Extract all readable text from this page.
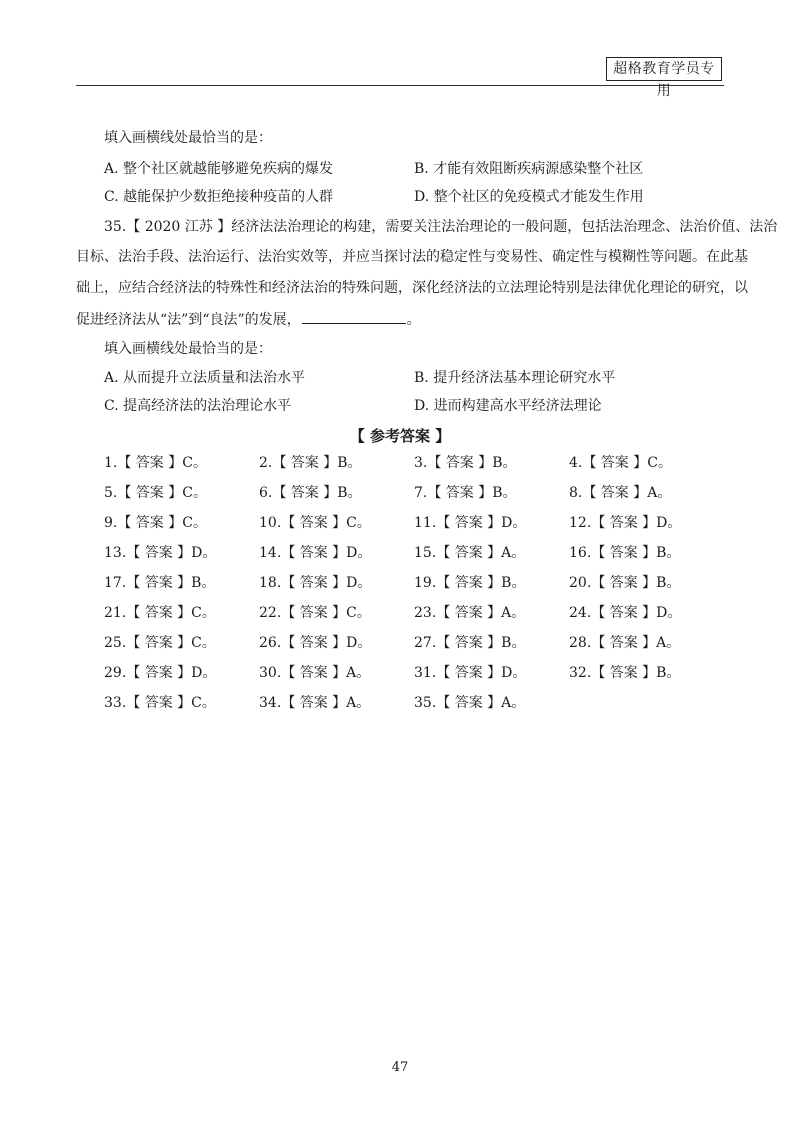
超格教育学员专用
填入画横线处最恰当的是：
A. 整个社区就越能够避免疾病的爆发	B. 才能有效阻断疾病源感染整个社区
C. 越能保护少数拒绝接种疫苗的人群	D. 整个社区的免疫模式才能发生作用
35.【 2020 江苏 】经济法法治理论的构建，需要关注法治理论的一般问题，包括法治理念、法治价值、法治
目标、法治手段、法治运行、法治实效等，并应当探讨法的稳定性与变易性、确定性与模糊性等问题。在此基
础上，应结合经济法的特殊性和经济法治的特殊问题，深化经济法的立法理论特别是法律优化理论的研究，以
促进经济法从“法”到“良法”的发展，	。
填入画横线处最恰当的是：
A. 从而提升立法质量和法治水平	B. 提升经济法基本理论研究水平
C. 提高经济法的法治理论水平	D. 进而构建高水平经济法理论
【 参考答案 】
1.【 答案 】C。	2.【 答案 】B。	3.【 答案 】B。	4.【 答案 】C。
5.【 答案 】C。	6.【 答案 】B。	7.【 答案 】B。	8.【 答案 】A。
9.【 答案 】C。	10.【 答案 】C。	11.【 答案 】D。	12.【 答案 】D。
13.【 答案 】D。	14.【 答案 】D。	15.【 答案 】A。	16.【 答案 】B。
17.【 答案 】B。	18.【 答案 】D。	19.【 答案 】B。	20.【 答案 】B。
21.【 答案 】C。	22.【 答案 】C。	23.【 答案 】A。	24.【 答案 】D。
25.【 答案 】C。	26.【 答案 】D。	27.【 答案 】B。	28.【 答案 】A。
29.【 答案 】D。	30.【 答案 】A。	31.【 答案 】D。	32.【 答案 】B。
33.【 答案 】C。	34.【 答案 】A。	35.【 答案 】A。
47
